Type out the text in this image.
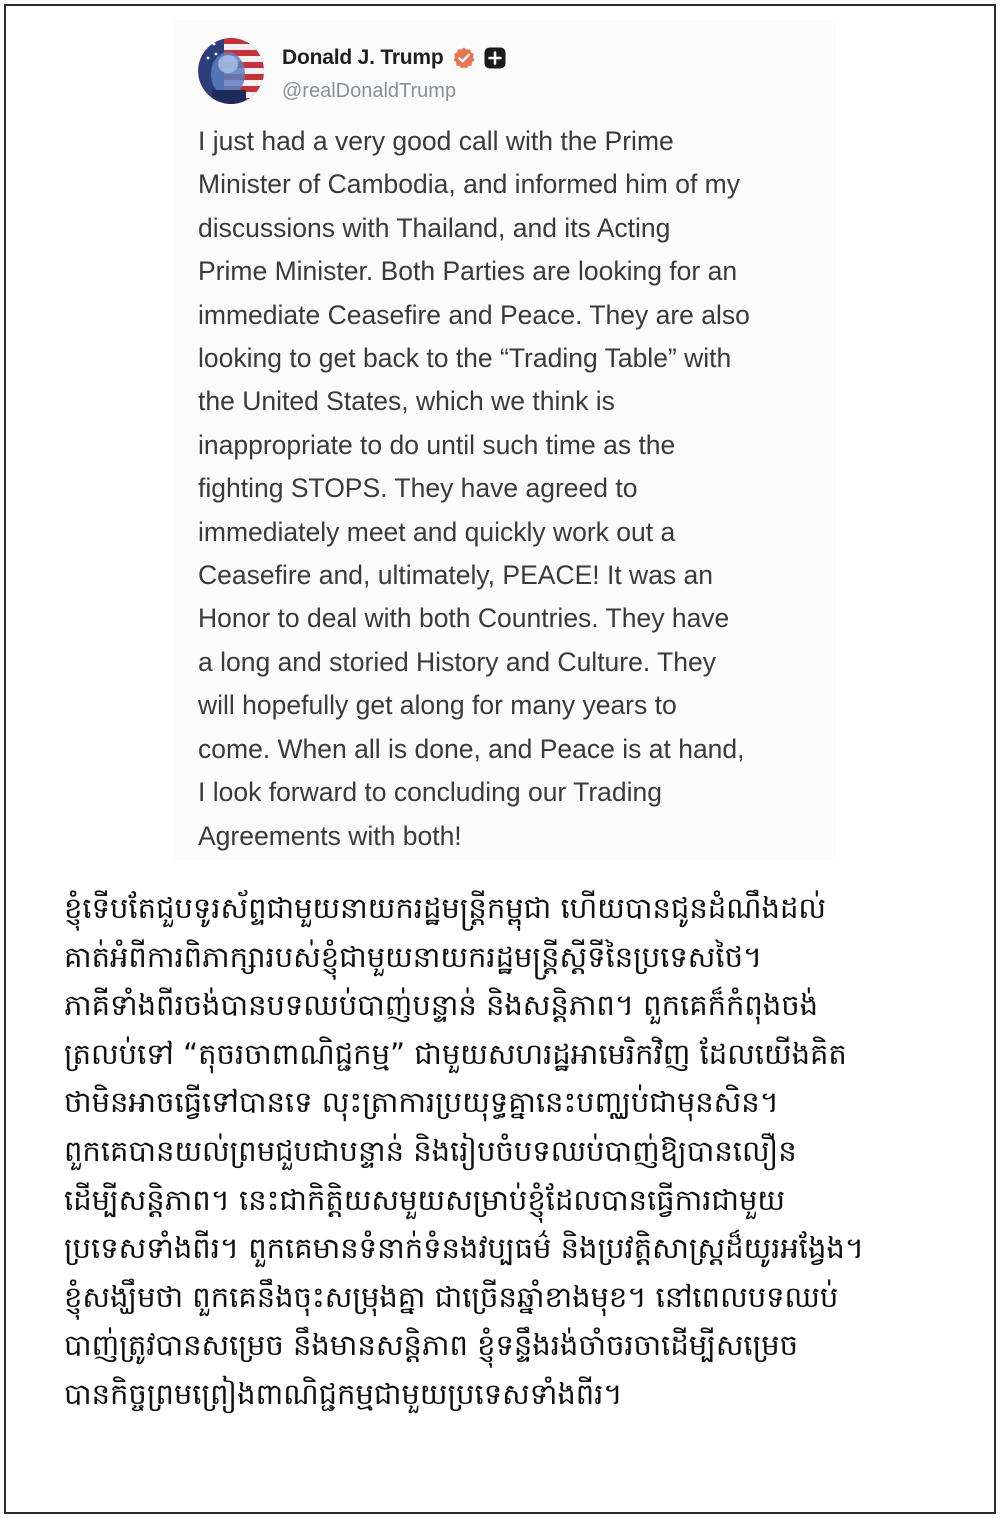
Donald J. Trump
@realDonaldTrump
I just had a very good call with the Prime
Minister of Cambodia, and informed him of my
discussions with Thailand, and its Acting
Prime Minister. Both Parties are looking for an
immediate Ceasefire and Peace. They are also
looking to get back to the “Trading Table” with
the United States, which we think is
inappropriate to do until such time as the
fighting STOPS. They have agreed to
immediately meet and quickly work out a
Ceasefire and, ultimately, PEACE! It was an
Honor to deal with both Countries. They have
a long and storied History and Culture. They
will hopefully get along for many years to
come. When all is done, and Peace is at hand,
I look forward to concluding our Trading
Agreements with both!
ខ្ញុំទើបតែជួបទូរស័ព្ទជាមួយនាយករដ្ឋមន្ត្រីកម្ពុជា ហើយបានជូនដំណឹងដល់
គាត់អំពីការពិភាក្សារបស់ខ្ញុំជាមួយនាយករដ្ឋមន្ត្រីស្ដីទីនៃប្រទេសថៃ។
ភាគីទាំងពីរចង់បានបទឈប់បាញ់បន្ទាន់ និងសន្តិភាព។ ពួកគេក៏កំពុងចង់
ត្រលប់ទៅ “តុចរចាពាណិជ្ជកម្ម” ជាមួយសហរដ្ឋអាមេរិកវិញ ដែលយើងគិត
ថាមិនអាចធ្វើទៅបានទេ លុះត្រាការប្រយុទ្ធគ្នានេះបញ្ឈប់ជាមុនសិន។
ពួកគេបានយល់ព្រមជួបជាបន្ទាន់ និងរៀបចំបទឈប់បាញ់ឱ្យបានលឿន
ដើម្បីសន្តិភាព។ នេះជាកិត្តិយសមួយសម្រាប់ខ្ញុំដែលបានធ្វើការជាមួយ
ប្រទេសទាំងពីរ។ ពួកគេមានទំនាក់ទំនងវប្បធម៌ និងប្រវត្តិសាស្ត្រដ៏យូរអង្វែង។
ខ្ញុំសង្ឃឹមថា ពួកគេនឹងចុះសម្រុងគ្នា ជាច្រើនឆ្នាំខាងមុខ។ នៅពេលបទឈប់
បាញ់ត្រូវបានសម្រេច នឹងមានសន្តិភាព ខ្ញុំទន្ទឹងរង់ចាំចរចាដើម្បីសម្រេច
បានកិច្ចព្រមព្រៀងពាណិជ្ជកម្មជាមួយប្រទេសទាំងពីរ។
